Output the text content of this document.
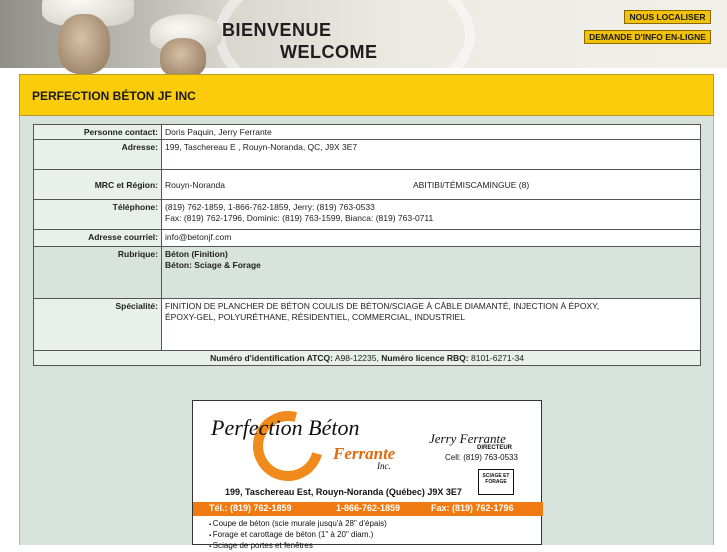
BIENVENUE
WELCOME
NOUS LOCALISER
DEMANDE D'INFO EN-LIGNE
PERFECTION BÉTON JF INC
Personne contact:	Doris Paquin, Jerry Ferrante
Adresse:	199, Taschereau E , Rouyn-Noranda, QC, J9X 3E7
MRC et Région:	Rouyn-Noranda ABITIBI/TÉMISCAMINGUE (8)
Téléphone:	(819) 762-1859, 1-866-762-1859, Jerry: (819) 763-0533
Fax: (819) 762-1796, Dominic: (819) 763-1599, Bianca: (819) 763-0711

Adresse courriel:	info@betonjf.com
Rubrique:	Béton (Finition)
Béton: Sciage & Forage

Spécialité:	FINITION DE PLANCHER DE BÉTON COULIS DE BÉTON/SCIAGE À CÂBLE DIAMANTÉ, INJECTION À ÉPOXY,
ÉPOXY-GEL, POLYURÉTHANE, RÉSIDENTIEL, COMMERCIAL, INDUSTRIEL

Numéro d'identification ATCQ: A98-12235, Numéro licence RBQ: 8101-6271-34	
Perfection Béton	Jerry Ferrante
DIRECTEUR
Cell: (819) 763-0533
Ferrante
Inc.
SCIAGE ET FORAGE
199, Taschereau Est, Rouyn-Noranda (Québec) J9X 3E7
Tél.: (819) 762-1859	1-866-762-1859	Fax: (819) 762-1796
▪ Coupe de béton (scie murale jusqu'à 28" d'épais)
▪ Forage et carottage de béton (1" à 20" diam.)
▪ Sciage de portes et fenêtres
